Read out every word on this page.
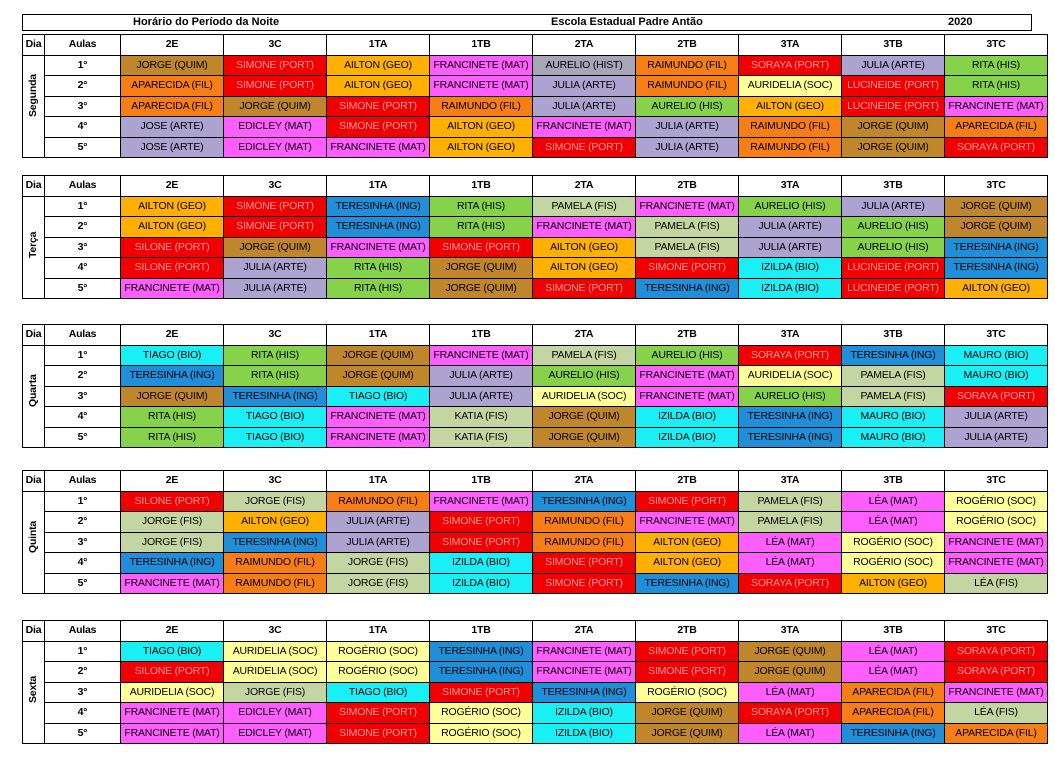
Horário do Período da Noite	Escola Estadual Padre Antão	2020
Dia	Aulas	2E	3C	1TA	1TB	2TA	2TB	3TA	3TB	3TC

Segunda	1°	JORGE (QUIM)	SIMONE (PORT)	AILTON (GEO)	FRANCINETE (MAT)	AURELIO (HIST)	RAIMUNDO (FIL)	SORAYA (PORT)	JULIA (ARTE)	RITA (HIS)
	2°	APARECIDA (FIL)	SIMONE (PORT)	AILTON (GEO)	FRANCINETE (MAT)	JULIA (ARTE)	RAIMUNDO (FIL)	AURIDELIA (SOC)	LUCINEIDE (PORT)	RITA (HIS)
	3°	APARECIDA (FIL)	JORGE (QUIM)	SIMONE (PORT)	RAIMUNDO (FIL)	JULIA (ARTE)	AURELIO (HIS)	AILTON (GEO)	LUCINEIDE (PORT)	FRANCINETE (MAT)
	4°	JOSE (ARTE)	EDICLEY (MAT)	SIMONE (PORT)	AILTON (GEO)	FRANCINETE (MAT)	JULIA (ARTE)	RAIMUNDO (FIL)	JORGE (QUIM)	APARECIDA (FIL)
	5°	JOSE (ARTE)	EDICLEY (MAT)	FRANCINETE (MAT)	AILTON (GEO)	SIMONE (PORT)	JULIA (ARTE)	RAIMUNDO (FIL)	JORGE (QUIM)	SORAYA (PORT)
Dia	Aulas	2E	3C	1TA	1TB	2TA	2TB	3TA	3TB	3TC

Terça	1°	AILTON (GEO)	SIMONE (PORT)	TERESINHA (ING)	RITA (HIS)	PAMELA (FIS)	FRANCINETE (MAT)	AURELIO (HIS)	JULIA (ARTE)	JORGE (QUIM)
	2°	AILTON (GEO)	SIMONE (PORT)	TERESINHA (ING)	RITA (HIS)	FRANCINETE (MAT)	PAMELA (FIS)	JULIA (ARTE)	AURELIO (HIS)	JORGE (QUIM)
	3°	SILONE (PORT)	JORGE (QUIM)	FRANCINETE (MAT)	SIMONE (PORT)	AILTON (GEO)	PAMELA (FIS)	JULIA (ARTE)	AURELIO (HIS)	TERESINHA (ING)
	4°	SILONE (PORT)	JULIA (ARTE)	RITA (HIS)	JORGE (QUIM)	AILTON (GEO)	SIMONE (PORT)	IZILDA (BIO)	LUCINEIDE (PORT)	TERESINHA (ING)
	5°	FRANCINETE (MAT)	JULIA (ARTE)	RITA (HIS)	JORGE (QUIM)	SIMONE (PORT)	TERESINHA (ING)	IZILDA (BIO)	LUCINEIDE (PORT)	AILTON (GEO)
Dia	Aulas	2E	3C	1TA	1TB	2TA	2TB	3TA	3TB	3TC

Quarta	1°	TIAGO (BIO)	RITA (HIS)	JORGE (QUIM)	FRANCINETE (MAT)	PAMELA (FIS)	AURELIO (HIS)	SORAYA (PORT)	TERESINHA (ING)	MAURO (BIO)
	2°	TERESINHA (ING)	RITA (HIS)	JORGE (QUIM)	JULIA (ARTE)	AURELIO (HIS)	FRANCINETE (MAT)	AURIDELIA (SOC)	PAMELA (FIS)	MAURO (BIO)
	3°	JORGE (QUIM)	TERESINHA (ING)	TIAGO (BIO)	JULIA (ARTE)	AURIDELIA (SOC)	FRANCINETE (MAT)	AURELIO (HIS)	PAMELA (FIS)	SORAYA (PORT)
	4°	RITA (HIS)	TIAGO (BIO)	FRANCINETE (MAT)	KATIA (FIS)	JORGE (QUIM)	IZILDA (BIO)	TERESINHA (ING)	MAURO (BIO)	JULIA (ARTE)
	5°	RITA (HIS)	TIAGO (BIO)	FRANCINETE (MAT)	KATIA (FIS)	JORGE (QUIM)	IZILDA (BIO)	TERESINHA (ING)	MAURO (BIO)	JULIA (ARTE)
Dia	Aulas	2E	3C	1TA	1TB	2TA	2TB	3TA	3TB	3TC

Quinta	1°	SILONE (PORT)	JORGE (FIS)	RAIMUNDO (FIL)	FRANCINETE (MAT)	TERESINHA (ING)	SIMONE (PORT)	PAMELA (FIS)	LÉA (MAT)	ROGÉRIO (SOC)
	2°	JORGE (FIS)	AILTON (GEO)	JULIA (ARTE)	SIMONE (PORT)	RAIMUNDO (FIL)	FRANCINETE (MAT)	PAMELA (FIS)	LÉA (MAT)	ROGÉRIO (SOC)
	3°	JORGE (FIS)	TERESINHA (ING)	JULIA (ARTE)	SIMONE (PORT)	RAIMUNDO (FIL)	AILTON (GEO)	LÉA (MAT)	ROGÉRIO (SOC)	FRANCINETE (MAT)
	4°	TERESINHA (ING)	RAIMUNDO (FIL)	JORGE (FIS)	IZILDA (BIO)	SIMONE (PORT)	AILTON (GEO)	LÉA (MAT)	ROGÉRIO (SOC)	FRANCINETE (MAT)
	5°	FRANCINETE (MAT)	RAIMUNDO (FIL)	JORGE (FIS)	IZILDA (BIO)	SIMONE (PORT)	TERESINHA (ING)	SORAYA (PORT)	AILTON (GEO)	LÉA (FIS)
Dia	Aulas	2E	3C	1TA	1TB	2TA	2TB	3TA	3TB	3TC

Sexta	1°	TIAGO (BIO)	AURIDELIA (SOC)	ROGÉRIO (SOC)	TERESINHA (ING)	FRANCINETE (MAT)	SIMONE (PORT)	JORGE (QUIM)	LÉA (MAT)	SORAYA (PORT)
	2°	SILONE (PORT)	AURIDELIA (SOC)	ROGÉRIO (SOC)	TERESINHA (ING)	FRANCINETE (MAT)	SIMONE (PORT)	JORGE (QUIM)	LÉA (MAT)	SORAYA (PORT)
	3°	AURIDELIA (SOC)	JORGE (FIS)	TIAGO (BIO)	SIMONE (PORT)	TERESINHA (ING)	ROGÉRIO (SOC)	LÉA (MAT)	APARECIDA (FIL)	FRANCINETE (MAT)
	4°	FRANCINETE (MAT)	EDICLEY (MAT)	SIMONE (PORT)	ROGÉRIO (SOC)	IZILDA (BIO)	JORGE (QUIM)	SORAYA (PORT)	APARECIDA (FIL)	LÉA (FIS)
	5°	FRANCINETE (MAT)	EDICLEY (MAT)	SIMONE (PORT)	ROGÉRIO (SOC)	IZILDA (BIO)	JORGE (QUIM)	LÉA (MAT)	TERESINHA (ING)	APARECIDA (FIL)
